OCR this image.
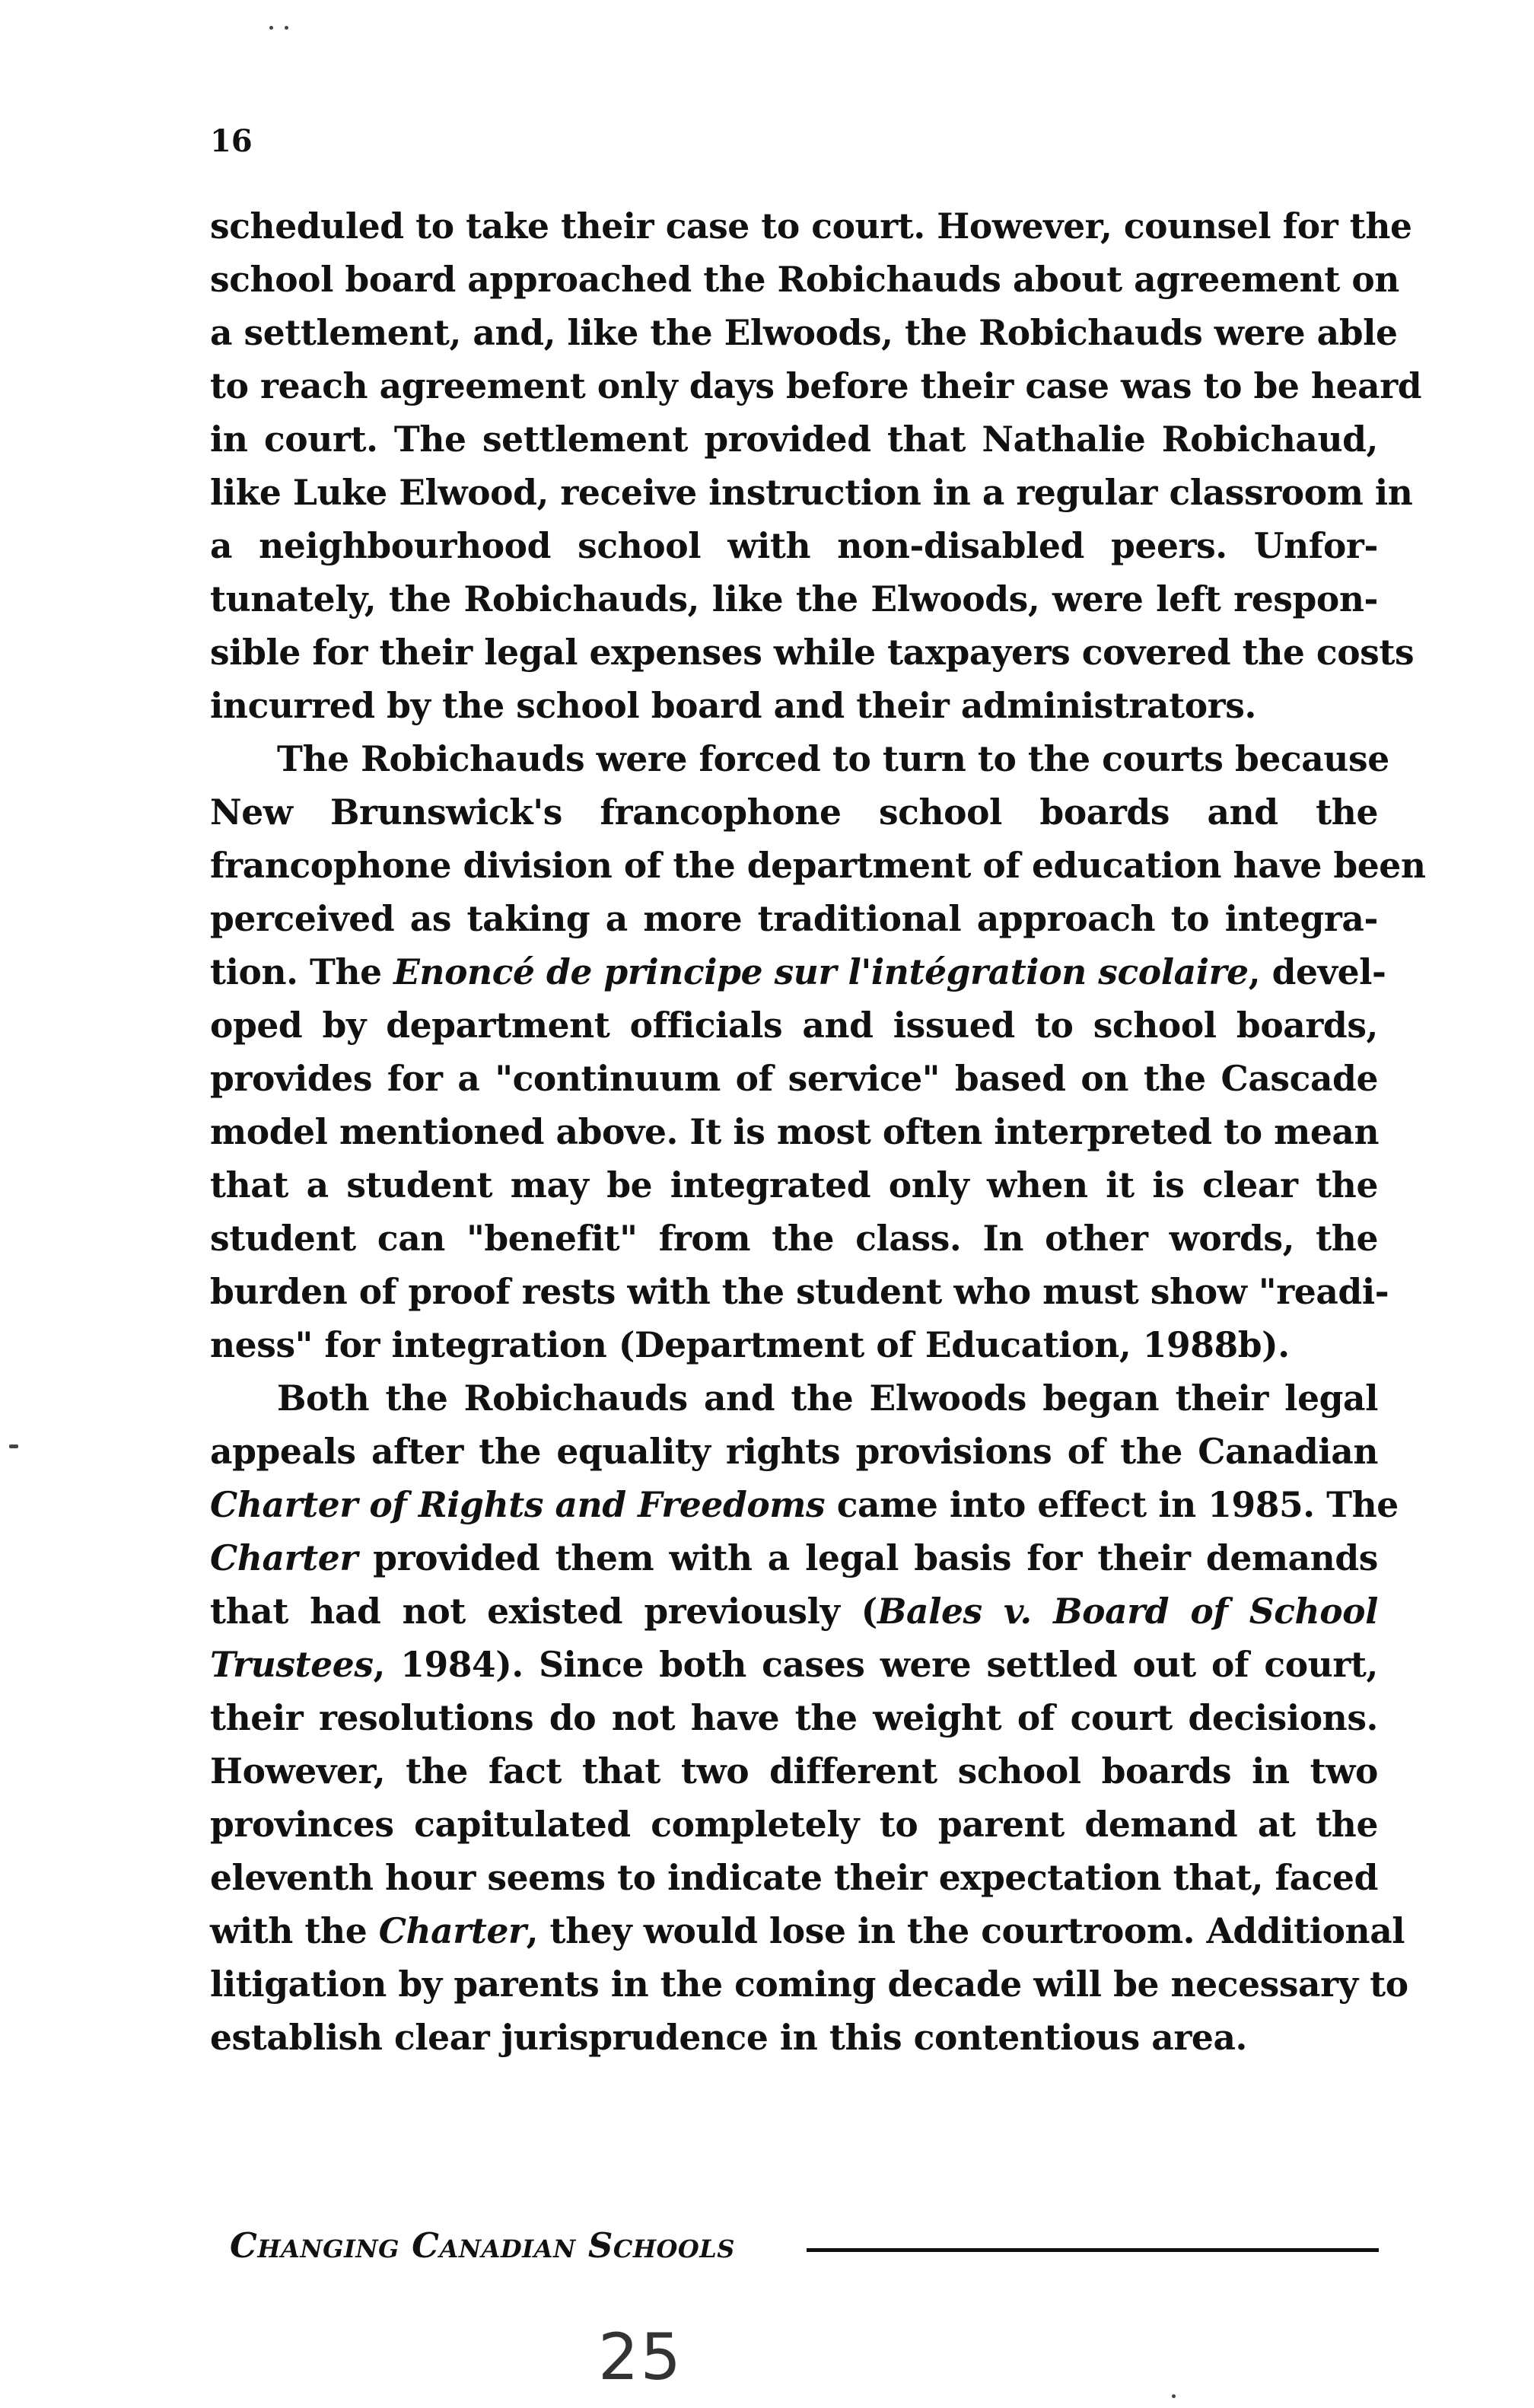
16
scheduled to take their case to court. However, counsel for the
school board approached the Robichauds about agreement on
a settlement, and, like the Elwoods, the Robichauds were able
to reach agreement only days before their case was to be heard
in court. The settlement provided that Nathalie Robichaud,
like Luke Elwood, receive instruction in a regular classroom in
a neighbourhood school with non-disabled peers. Unfor-
tunately, the Robichauds, like the Elwoods, were left respon-
sible for their legal expenses while taxpayers covered the costs
incurred by the school board and their administrators.
The Robichauds were forced to turn to the courts because
New Brunswick's francophone school boards and the
francophone division of the department of education have been
perceived as taking a more traditional approach to integra-
tion. The Enoncé de principe sur l'intégration scolaire, devel-
oped by department officials and issued to school boards,
provides for a "continuum of service" based on the Cascade
model mentioned above. It is most often interpreted to mean
that a student may be integrated only when it is clear the
student can "benefit" from the class. In other words, the
burden of proof rests with the student who must show "readi-
ness" for integration (Department of Education, 1988b).
Both the Robichauds and the Elwoods began their legal
appeals after the equality rights provisions of the Canadian
Charter of Rights and Freedoms came into effect in 1985. The
Charter provided them with a legal basis for their demands
that had not existed previously (Bales v. Board of School
Trustees, 1984). Since both cases were settled out of court,
their resolutions do not have the weight of court decisions.
However, the fact that two different school boards in two
provinces capitulated completely to parent demand at the
eleventh hour seems to indicate their expectation that, faced
with the Charter, they would lose in the courtroom. Additional
litigation by parents in the coming decade will be necessary to
establish clear jurisprudence in this contentious area.
Changing Canadian Schools
25
